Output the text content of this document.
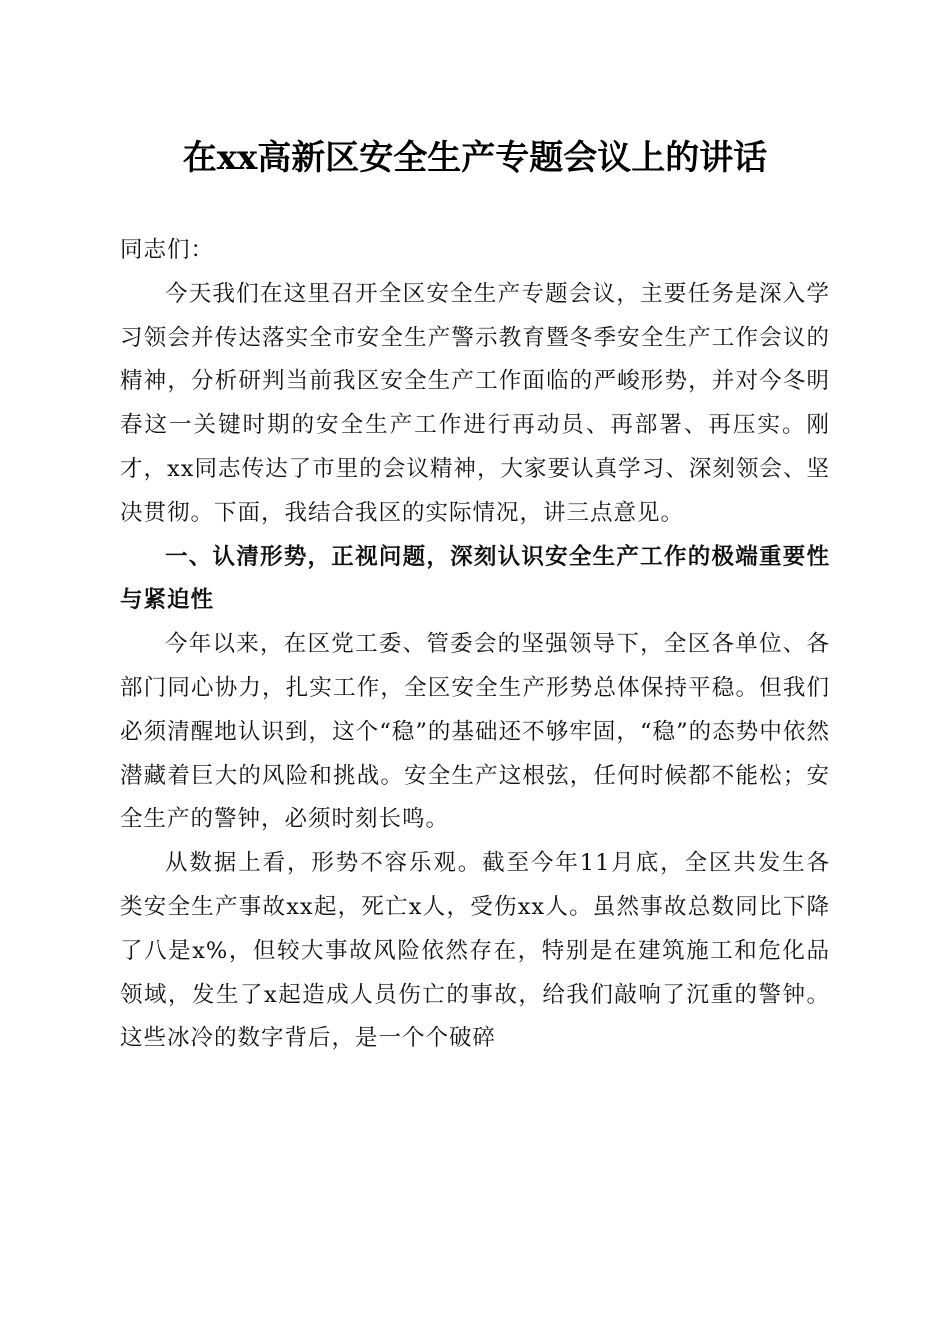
在xx高新区安全生产专题会议上的讲话

同志们：

今天我们在这里召开全区安全生产专题会议，主要任务是深入学习领会并传达落实全市安全生产警示教育暨冬季安全生产工作会议的精神，分析研判当前我区安全生产工作面临的严峻形势，并对今冬明春这一关键时期的安全生产工作进行再动员、再部署、再压实。刚才，xx同志传达了市里的会议精神，大家要认真学习、深刻领会、坚决贯彻。下面，我结合我区的实际情况，讲三点意见。

一、认清形势，正视问题，深刻认识安全生产工作的极端重要性与紧迫性

今年以来，在区党工委、管委会的坚强领导下，全区各单位、各部门同心协力，扎实工作，全区安全生产形势总体保持平稳。但我们必须清醒地认识到，这个“稳”的基础还不够牢固，“稳”的态势中依然潜藏着巨大的风险和挑战。安全生产这根弦，任何时候都不能松；安全生产的警钟，必须时刻长鸣。

从数据上看，形势不容乐观。截至今年11月底，全区共发生各类安全生产事故xx起，死亡x人，受伤xx人。虽然事故总数同比下降了八是x%，但较大事故风险依然存在，特别是在建筑施工和危化品领域，发生了x起造成人员伤亡的事故，给我们敲响了沉重的警钟。这些冰冷的数字背后，是一个个破碎
